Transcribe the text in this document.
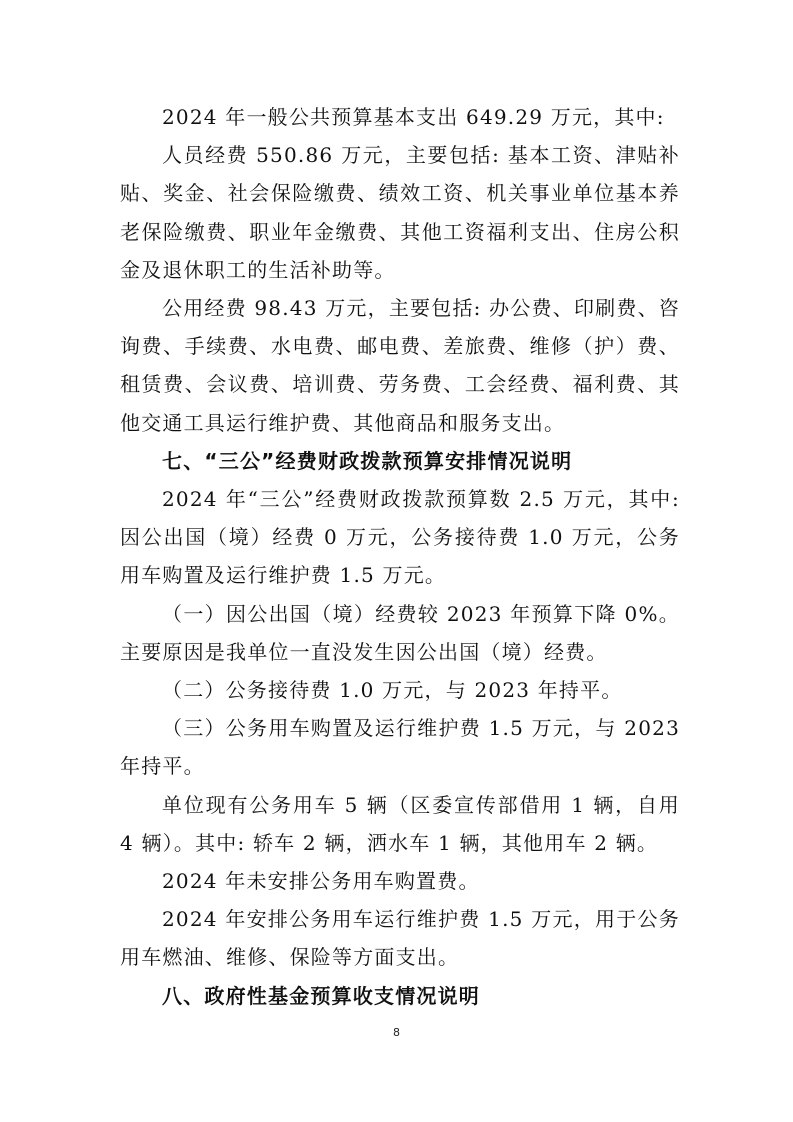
2024 年一般公共预算基本支出 649.29 万元，其中:

人员经费 550.86 万元，主要包括: 基本工资、津贴补贴、奖金、社会保险缴费、绩效工资、机关事业单位基本养老保险缴费、职业年金缴费、其他工资福利支出、住房公积金及退休职工的生活补助等。

公用经费 98.43 万元，主要包括: 办公费、印刷费、咨询费、手续费、水电费、邮电费、差旅费、维修（护）费、租赁费、会议费、培训费、劳务费、工会经费、福利费、其他交通工具运行维护费、其他商品和服务支出。

七、“三公”经费财政拨款预算安排情况说明

2024 年“三公”经费财政拨款预算数 2.5 万元，其中:因公出国（境）经费 0 万元，公务接待费 1.0 万元，公务用车购置及运行维护费 1.5 万元。

（一）因公出国（境）经费较 2023 年预算下降 0%。主要原因是我单位一直没发生因公出国（境）经费。

（二）公务接待费 1.0 万元，与 2023 年持平。

（三）公务用车购置及运行维护费 1.5 万元，与 2023 年持平。

单位现有公务用车 5 辆（区委宣传部借用 1 辆，自用 4 辆）。其中: 轿车 2 辆，洒水车 1 辆，其他用车 2 辆。

2024 年未安排公务用车购置费。

2024 年安排公务用车运行维护费 1.5 万元，用于公务用车燃油、维修、保险等方面支出。

八、政府性基金预算收支情况说明
8
